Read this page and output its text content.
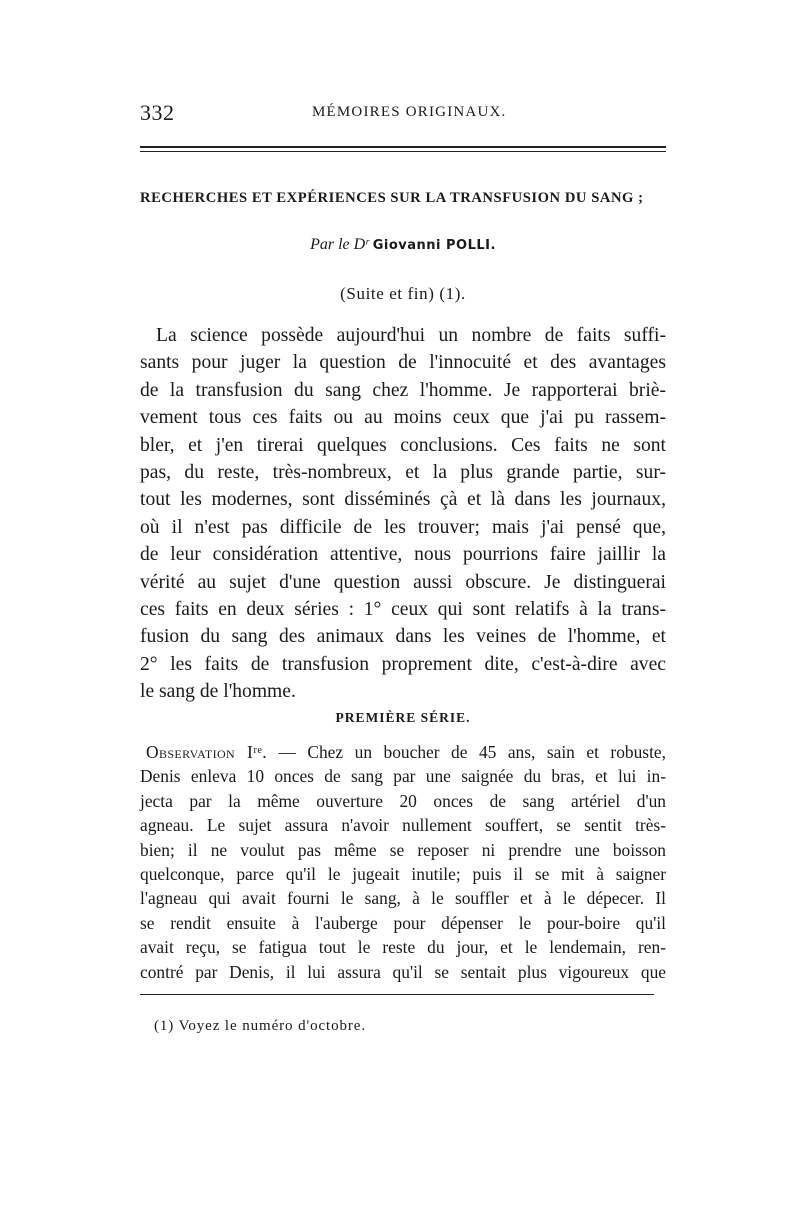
332	MÉMOIRES ORIGINAUX.
RECHERCHES ET EXPÉRIENCES SUR LA TRANSFUSION DU SANG ;
Par le Dʳ Giovanni POLLI.
(Suite et fin) (1).
La science possède aujourd'hui un nombre de faits suffi-
sants pour juger la question de l'innocuité et des avantages
de la transfusion du sang chez l'homme. Je rapporterai briè-
vement tous ces faits ou au moins ceux que j'ai pu rassem-
bler, et j'en tirerai quelques conclusions. Ces faits ne sont
pas, du reste, très-nombreux, et la plus grande partie, sur-
tout les modernes, sont disséminés çà et là dans les journaux,
où il n'est pas difficile de les trouver; mais j'ai pensé que,
de leur considération attentive, nous pourrions faire jaillir la
vérité au sujet d'une question aussi obscure. Je distinguerai
ces faits en deux séries : 1° ceux qui sont relatifs à la trans-
fusion du sang des animaux dans les veines de l'homme, et
2° les faits de transfusion proprement dite, c'est-à-dire avec
le sang de l'homme.
PREMIÈRE SÉRIE.
Observation Iʳᵉ. — Chez un boucher de 45 ans, sain et robuste,
Denis enleva 10 onces de sang par une saignée du bras, et lui in-
jecta par la même ouverture 20 onces de sang artériel d'un
agneau. Le sujet assura n'avoir nullement souffert, se sentit très-
bien; il ne voulut pas même se reposer ni prendre une boisson
quelconque, parce qu'il le jugeait inutile; puis il se mit à saigner
l'agneau qui avait fourni le sang, à le souffler et à le dépecer. Il
se rendit ensuite à l'auberge pour dépenser le pour-boire qu'il
avait reçu, se fatigua tout le reste du jour, et le lendemain, ren-
contré par Denis, il lui assura qu'il se sentait plus vigoureux que
(1) Voyez le numéro d'octobre.
